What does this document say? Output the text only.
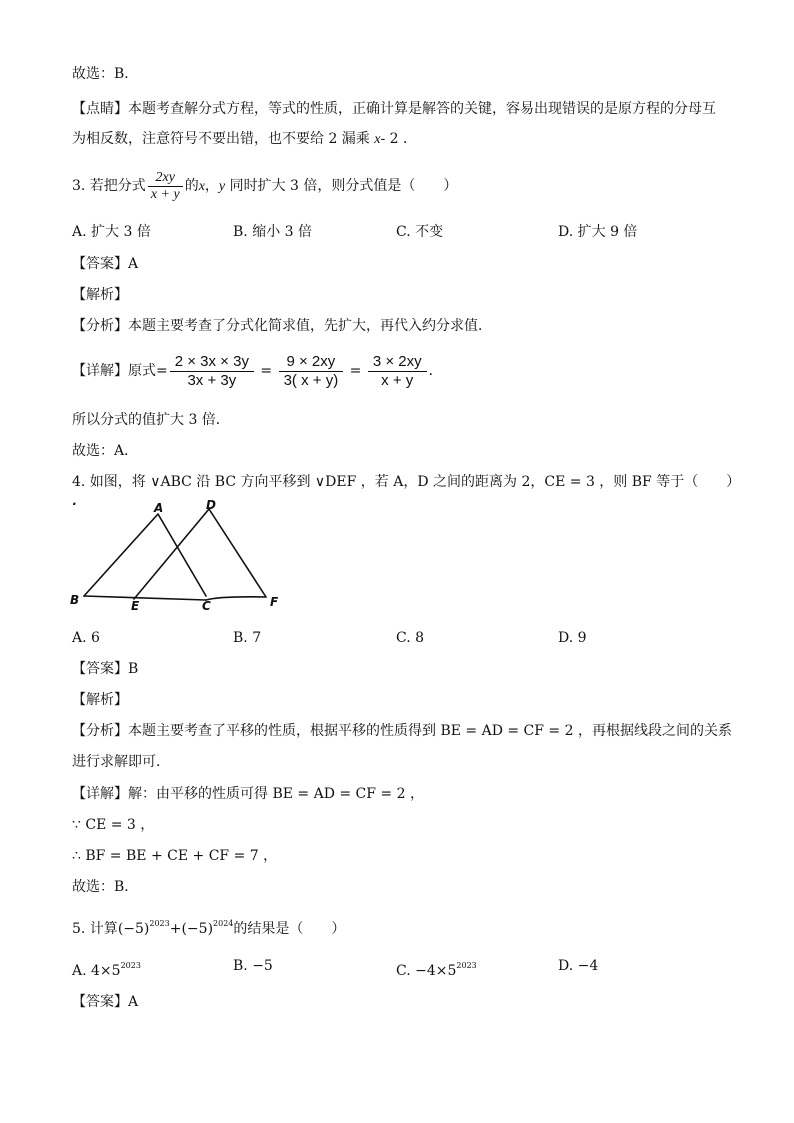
故选：B．
【点睛】本题考查解分式方程，等式的性质，正确计算是解答的关键，容易出现错误的是原方程的分母互
为相反数，注意符号不要出错，也不要给 2 漏乘 x- 2 ．
3. 若把分式 $\frac{2xy}{x + y}$ 的x，y 同时扩大 3 倍，则分式值是（　　）
A. 扩大 3 倍	B. 缩小 3 倍	C. 不变	D. 扩大 9 倍
【答案】A
【解析】
【分析】本题主要考查了分式化简求值，先扩大，再代入约分求值．
【详解】原式= $\frac{2 \times 3x \times 3y}{3x + 3y} = \frac{9 \times 2xy}{3( x + y)} = \frac{3 \times 2xy}{x + y}$ ．
所以分式的值扩大 3 倍．
故选：A．
4. 如图，将 ∨ABC 沿 BC 方向平移到 ∨DEF ，若 A，D 之间的距离为 2，CE = 3 ，则 BF 等于（　　）
A	D
B	E	C	F
·
A. 6	B. 7	C. 8	D. 9
【答案】B
【解析】
【分析】本题主要考查了平移的性质，根据平移的性质得到 BE = AD = CF = 2 ，再根据线段之间的关系
进行求解即可．
【详解】解：由平移的性质可得 BE = AD = CF = 2 ，
∵ CE = 3 ，
∴ BF = BE + CE + CF = 7 ，
故选：B．
5. 计算$(-5)^{2023}+(-5)^{2024}$的结果是（　　）
A. $4\times 5^{2023}$	B. −5	C. $-4\times 5^{2023}$	D. −4
【答案】A
